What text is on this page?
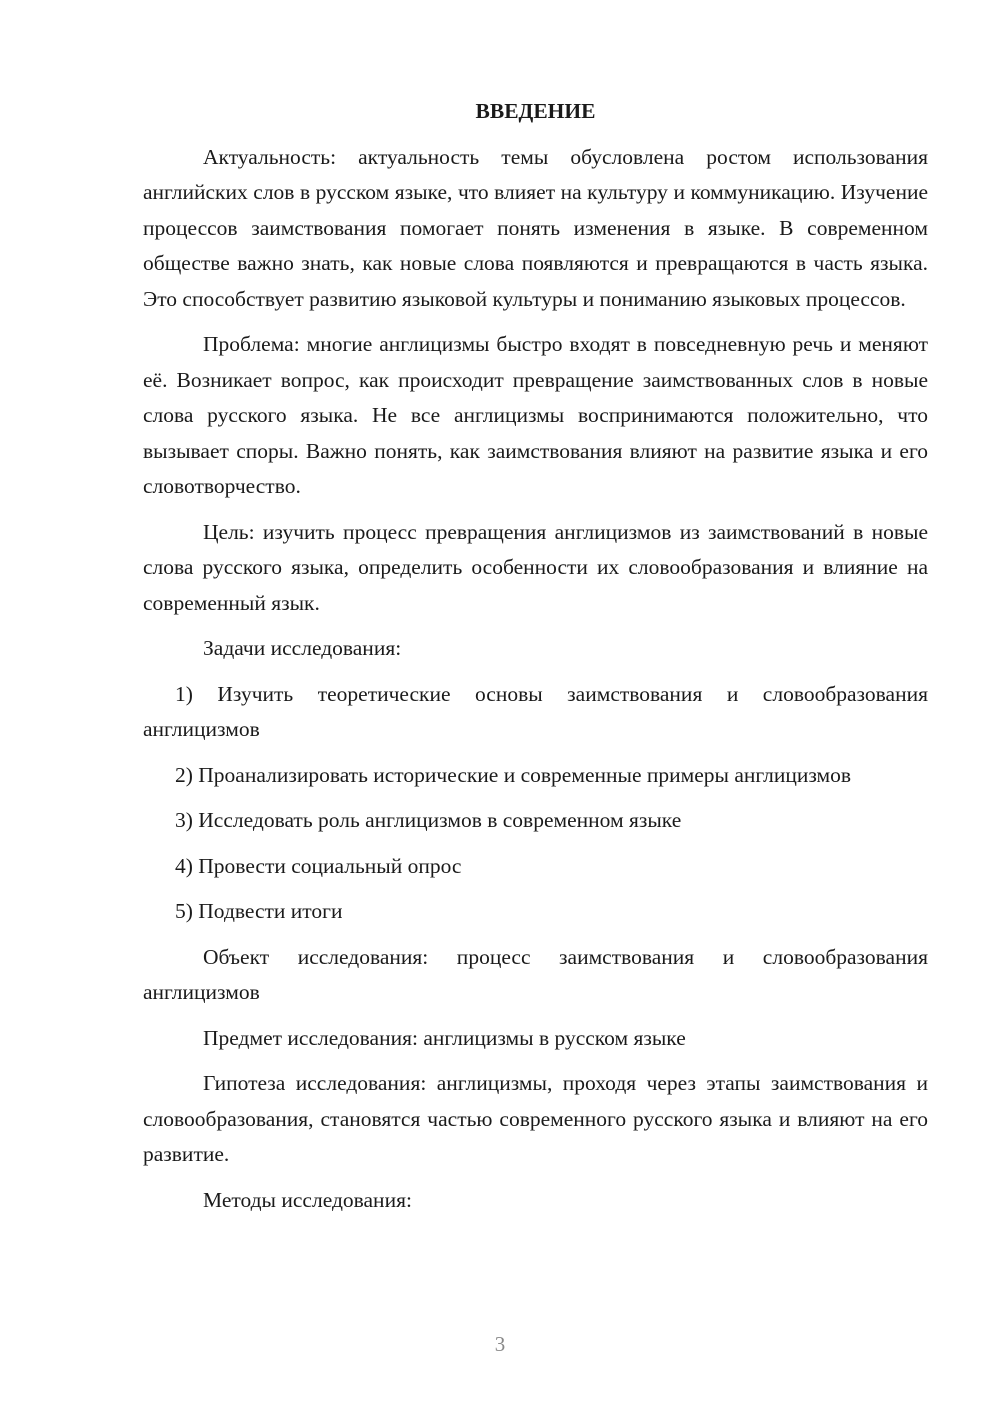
ВВЕДЕНИЕ

Актуальность: актуальность темы обусловлена ростом использования английских слов в русском языке, что влияет на культуру и коммуникацию. Изучение процессов заимствования помогает понять изменения в языке. В современном обществе важно знать, как новые слова появляются и превращаются в часть языка. Это способствует развитию языковой культуры и пониманию языковых процессов.

Проблема: многие англицизмы быстро входят в повседневную речь и меняют её. Возникает вопрос, как происходит превращение заимствованных слов в новые слова русского языка. Не все англицизмы воспринимаются положительно, что вызывает споры. Важно понять, как заимствования влияют на развитие языка и его словотворчество.

Цель: изучить процесс превращения англицизмов из заимствований в новые слова русского языка, определить особенности их словообразования и влияние на современный язык.

Задачи исследования:

1) Изучить теоретические основы заимствования и словообразования англицизмов

2) Проанализировать исторические и современные примеры англицизмов

3) Исследовать роль англицизмов в современном языке

4) Провести социальный опрос

5) Подвести итоги

Объект исследования: процесс заимствования и словообразования англицизмов

Предмет исследования: англицизмы в русском языке

Гипотеза исследования: англицизмы, проходя через этапы заимствования и словообразования, становятся частью современного русского языка и влияют на его развитие.

Методы исследования:

3
